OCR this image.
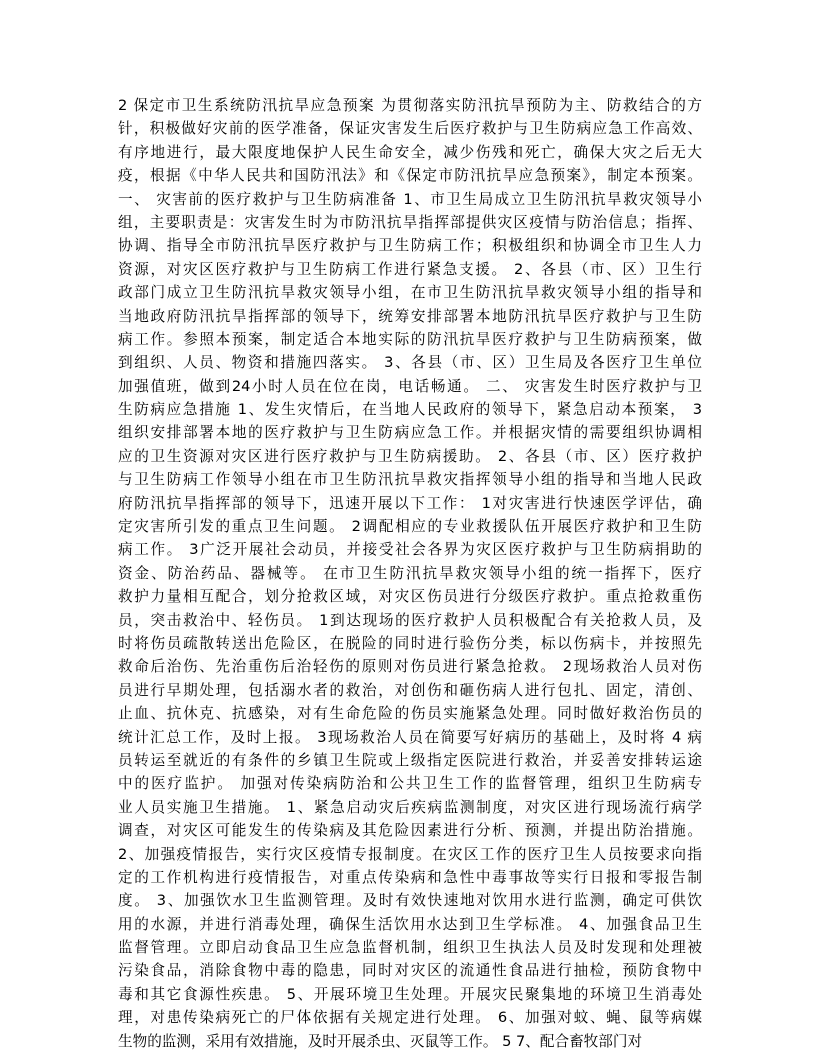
2 保定市卫生系统防汛抗旱应急预案 为贯彻落实防汛抗旱预防为主、防救结合的方
针，积极做好灾前的医学准备，保证灾害发生后医疗救护与卫生防病应急工作高效、
有序地进行，最大限度地保护人民生命安全，减少伤残和死亡，确保大灾之后无大
疫，根据《中华人民共和国防汛法》和《保定市防汛抗旱应急预案》，制定本预案。
一、 灾害前的医疗救护与卫生防病准备 1、市卫生局成立卫生防汛抗旱救灾领导小
组，主要职责是：灾害发生时为市防汛抗旱指挥部提供灾区疫情与防治信息；指挥、
协调、指导全市防汛抗旱医疗救护与卫生防病工作；积极组织和协调全市卫生人力
资源，对灾区医疗救护与卫生防病工作进行紧急支援。 2、各县（市、区）卫生行
政部门成立卫生防汛抗旱救灾领导小组，在市卫生防汛抗旱救灾领导小组的指导和
当地政府防汛抗旱指挥部的领导下，统筹安排部署本地防汛抗旱医疗救护与卫生防
病工作。参照本预案，制定适合本地实际的防汛抗旱医疗救护与卫生防病预案，做
到组织、人员、物资和措施四落实。 3、各县（市、区）卫生局及各医疗卫生单位
加强值班，做到24小时人员在位在岗，电话畅通。 二、 灾害发生时医疗救护与卫
生防病应急措施 1、发生灾情后，在当地人民政府的领导下，紧急启动本预案， 3
组织安排部署本地的医疗救护与卫生防病应急工作。并根据灾情的需要组织协调相
应的卫生资源对灾区进行医疗救护与卫生防病援助。 2、各县（市、区）医疗救护
与卫生防病工作领导小组在市卫生防汛抗旱救灾指挥领导小组的指导和当地人民政
府防汛抗旱指挥部的领导下，迅速开展以下工作： 1对灾害进行快速医学评估，确
定灾害所引发的重点卫生问题。 2调配相应的专业救援队伍开展医疗救护和卫生防
病工作。 3广泛开展社会动员，并接受社会各界为灾区医疗救护与卫生防病捐助的
资金、防治药品、器械等。 在市卫生防汛抗旱救灾领导小组的统一指挥下，医疗
救护力量相互配合，划分抢救区域，对灾区伤员进行分级医疗救护。重点抢救重伤
员，突击救治中、轻伤员。 1到达现场的医疗救护人员积极配合有关抢救人员，及
时将伤员疏散转送出危险区，在脱险的同时进行验伤分类，标以伤病卡，并按照先
救命后治伤、先治重伤后治轻伤的原则对伤员进行紧急抢救。 2现场救治人员对伤
员进行早期处理，包括溺水者的救治，对创伤和砸伤病人进行包扎、固定，清创、
止血、抗休克、抗感染，对有生命危险的伤员实施紧急处理。同时做好救治伤员的
统计汇总工作，及时上报。 3现场救治人员在简要写好病历的基础上，及时将 4 病
员转运至就近的有条件的乡镇卫生院或上级指定医院进行救治，并妥善安排转运途
中的医疗监护。 加强对传染病防治和公共卫生工作的监督管理，组织卫生防病专
业人员实施卫生措施。 1、紧急启动灾后疾病监测制度，对灾区进行现场流行病学
调查，对灾区可能发生的传染病及其危险因素进行分析、预测，并提出防治措施。
2、加强疫情报告，实行灾区疫情专报制度。在灾区工作的医疗卫生人员按要求向指
定的工作机构进行疫情报告，对重点传染病和急性中毒事故等实行日报和零报告制
度。 3、加强饮水卫生监测管理。及时有效快速地对饮用水进行监测，确定可供饮
用的水源，并进行消毒处理，确保生活饮用水达到卫生学标准。 4、加强食品卫生
监督管理。立即启动食品卫生应急监督机制，组织卫生执法人员及时发现和处理被
污染食品，消除食物中毒的隐患，同时对灾区的流通性食品进行抽检，预防食物中
毒和其它食源性疾患。 5、开展环境卫生处理。开展灾民聚集地的环境卫生消毒处
理，对患传染病死亡的尸体依据有关规定进行处理。 6、加强对蚊、蝇、鼠等病媒
生物的监测，采用有效措施，及时开展杀虫、灭鼠等工作。 5 7、配合畜牧部门对
